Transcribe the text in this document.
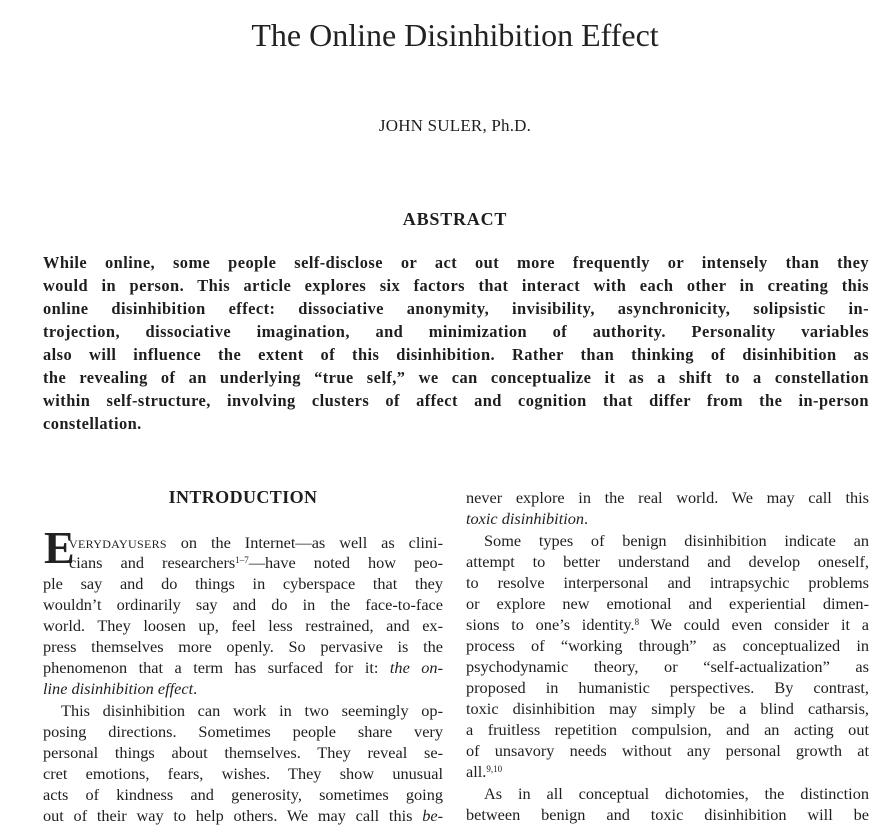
The Online Disinhibition Effect
JOHN SULER, Ph.D.
ABSTRACT
While online, some people self-disclose or act out more frequently or intensely than they
would in person. This article explores six factors that interact with each other in creating this
online disinhibition effect: dissociative anonymity, invisibility, asynchronicity, solipsistic in-
trojection, dissociative imagination, and minimization of authority. Personality variables
also will influence the extent of this disinhibition. Rather than thinking of disinhibition as
the revealing of an underlying “true self,” we can conceptualize it as a shift to a constellation
within self-structure, involving clusters of affect and cognition that differ from the in-person
constellation.
INTRODUCTION
E
VERYDAYUSERS on the Internet—as well as clini-
cians and researchers$^{1-7}$—have noted how peo-
ple say and do things in cyberspace that they
wouldn’t ordinarily say and do in the face-to-face
world. They loosen up, feel less restrained, and ex-
press themselves more openly. So pervasive is the
phenomenon that a term has surfaced for it: the on-
line disinhibition effect.
This disinhibition can work in two seemingly op-
posing directions. Sometimes people share very
personal things about themselves. They reveal se-
cret emotions, fears, wishes. They show unusual
acts of kindness and generosity, sometimes going
out of their way to help others. We may call this be-
never explore in the real world. We may call this
toxic disinhibition.
Some types of benign disinhibition indicate an
attempt to better understand and develop oneself,
to resolve interpersonal and intrapsychic problems
or explore new emotional and experiential dimen-
sions to one’s identity.$^8$ We could even consider it a
process of “working through” as conceptualized in
psychodynamic theory, or “self-actualization” as
proposed in humanistic perspectives. By contrast,
toxic disinhibition may simply be a blind catharsis,
a fruitless repetition compulsion, and an acting out
of unsavory needs without any personal growth at
all.$^{9,10}$
As in all conceptual dichotomies, the distinction
between benign and toxic disinhibition will be
